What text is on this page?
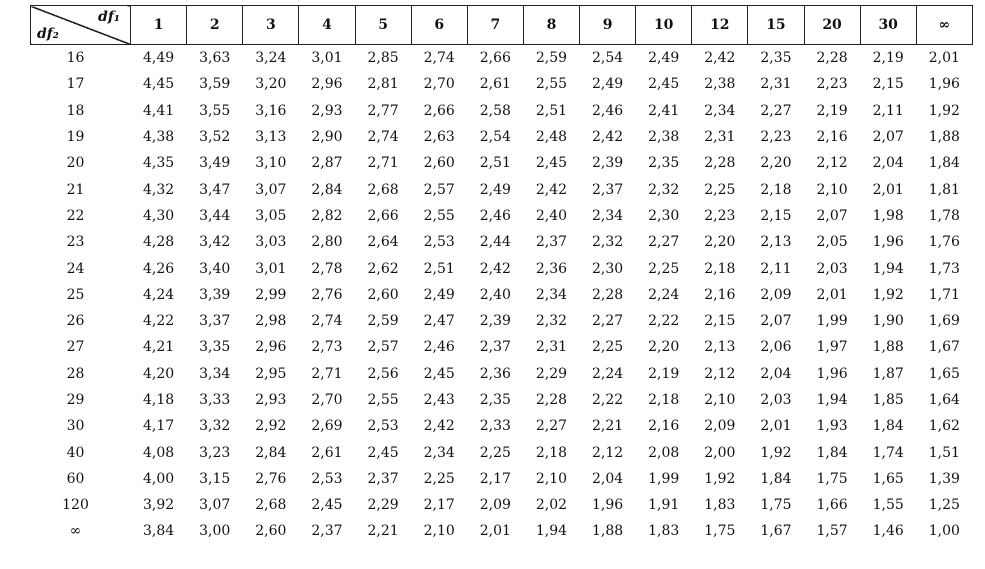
df₁
df₂	1	2	3	4	5	6	7	8	9	10	12	15	20	30	∞
16	4,49	3,63	3,24	3,01	2,85	2,74	2,66	2,59	2,54	2,49	2,42	2,35	2,28	2,19	2,01
17	4,45	3,59	3,20	2,96	2,81	2,70	2,61	2,55	2,49	2,45	2,38	2,31	2,23	2,15	1,96
18	4,41	3,55	3,16	2,93	2,77	2,66	2,58	2,51	2,46	2,41	2,34	2,27	2,19	2,11	1,92
19	4,38	3,52	3,13	2,90	2,74	2,63	2,54	2,48	2,42	2,38	2,31	2,23	2,16	2,07	1,88
20	4,35	3,49	3,10	2,87	2,71	2,60	2,51	2,45	2,39	2,35	2,28	2,20	2,12	2,04	1,84
21	4,32	3,47	3,07	2,84	2,68	2,57	2,49	2,42	2,37	2,32	2,25	2,18	2,10	2,01	1,81
22	4,30	3,44	3,05	2,82	2,66	2,55	2,46	2,40	2,34	2,30	2,23	2,15	2,07	1,98	1,78
23	4,28	3,42	3,03	2,80	2,64	2,53	2,44	2,37	2,32	2,27	2,20	2,13	2,05	1,96	1,76
24	4,26	3,40	3,01	2,78	2,62	2,51	2,42	2,36	2,30	2,25	2,18	2,11	2,03	1,94	1,73
25	4,24	3,39	2,99	2,76	2,60	2,49	2,40	2,34	2,28	2,24	2,16	2,09	2,01	1,92	1,71
26	4,22	3,37	2,98	2,74	2,59	2,47	2,39	2,32	2,27	2,22	2,15	2,07	1,99	1,90	1,69
27	4,21	3,35	2,96	2,73	2,57	2,46	2,37	2,31	2,25	2,20	2,13	2,06	1,97	1,88	1,67
28	4,20	3,34	2,95	2,71	2,56	2,45	2,36	2,29	2,24	2,19	2,12	2,04	1,96	1,87	1,65
29	4,18	3,33	2,93	2,70	2,55	2,43	2,35	2,28	2,22	2,18	2,10	2,03	1,94	1,85	1,64
30	4,17	3,32	2,92	2,69	2,53	2,42	2,33	2,27	2,21	2,16	2,09	2,01	1,93	1,84	1,62
40	4,08	3,23	2,84	2,61	2,45	2,34	2,25	2,18	2,12	2,08	2,00	1,92	1,84	1,74	1,51
60	4,00	3,15	2,76	2,53	2,37	2,25	2,17	2,10	2,04	1,99	1,92	1,84	1,75	1,65	1,39
120	3,92	3,07	2,68	2,45	2,29	2,17	2,09	2,02	1,96	1,91	1,83	1,75	1,66	1,55	1,25
∞	3,84	3,00	2,60	2,37	2,21	2,10	2,01	1,94	1,88	1,83	1,75	1,67	1,57	1,46	1,00
